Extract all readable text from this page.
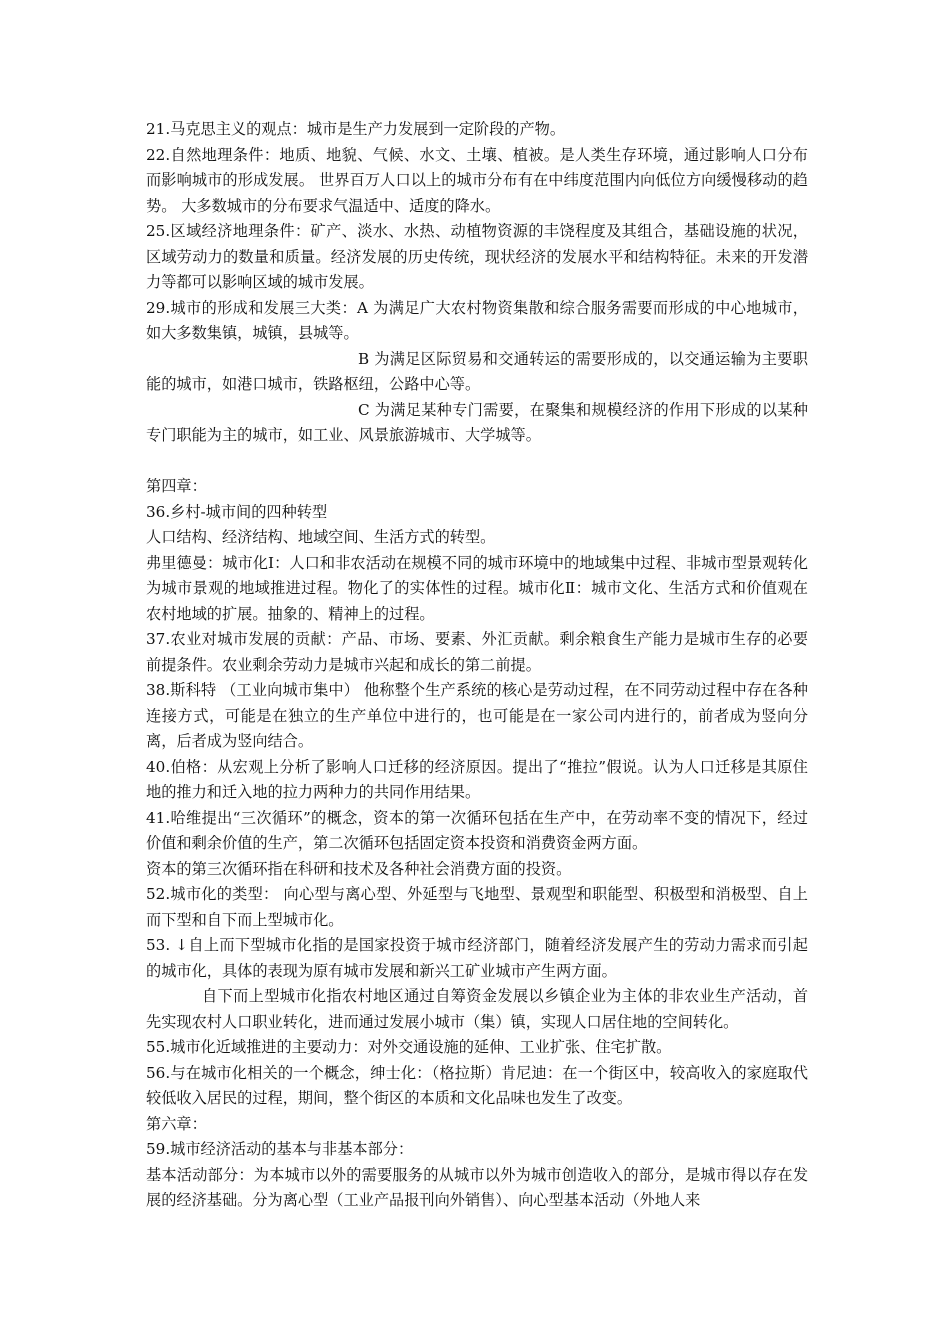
21.马克思主义的观点：城市是生产力发展到一定阶段的产物。

22.自然地理条件：地质、地貌、气候、水文、土壤、植被。是人类生存环境，通过影响人口分布而影响城市的形成发展。 世界百万人口以上的城市分布有在中纬度范围内向低位方向缓慢移动的趋势。 大多数城市的分布要求气温适中、适度的降水。

25.区域经济地理条件：矿产、淡水、水热、动植物资源的丰饶程度及其组合，基础设施的状况，区域劳动力的数量和质量。经济发展的历史传统，现状经济的发展水平和结构特征。未来的开发潜力等都可以影响区域的城市发展。

29.城市的形成和发展三大类：A 为满足广大农村物资集散和综合服务需要而形成的中心地城市，如大多数集镇，城镇，县城等。

B 为满足区际贸易和交通转运的需要形成的，以交通运输为主要职能的城市，如港口城市，铁路枢纽，公路中心等。

C 为满足某种专门需要，在聚集和规模经济的作用下形成的以某种专门职能为主的城市，如工业、风景旅游城市、大学城等。

第四章：

36.乡村-城市间的四种转型

人口结构、经济结构、地域空间、生活方式的转型。

弗里德曼：城市化Ⅰ：人口和非农活动在规模不同的城市环境中的地域集中过程、非城市型景观转化为城市景观的地域推进过程。物化了的实体性的过程。城市化Ⅱ：城市文化、生活方式和价值观在农村地域的扩展。抽象的、精神上的过程。

37.农业对城市发展的贡献：产品、市场、要素、外汇贡献。剩余粮食生产能力是城市生存的必要前提条件。农业剩余劳动力是城市兴起和成长的第二前提。

38.斯科特 （工业向城市集中） 他称整个生产系统的核心是劳动过程，在不同劳动过程中存在各种连接方式，可能是在独立的生产单位中进行的，也可能是在一家公司内进行的，前者成为竖向分离，后者成为竖向结合。

40.伯格：从宏观上分析了影响人口迁移的经济原因。提出了“推拉”假说。认为人口迁移是其原住地的推力和迁入地的拉力两种力的共同作用结果。

41.哈维提出“三次循环”的概念，资本的第一次循环包括在生产中，在劳动率不变的情况下，经过价值和剩余价值的生产，第二次循环包括固定资本投资和消费资金两方面。

资本的第三次循环指在科研和技术及各种社会消费方面的投资。

52.城市化的类型： 向心型与离心型、外延型与飞地型、景观型和职能型、积极型和消极型、自上而下型和自下而上型城市化。

53. ↓自上而下型城市化指的是国家投资于城市经济部门，随着经济发展产生的劳动力需求而引起的城市化，具体的表现为原有城市发展和新兴工矿业城市产生两方面。

自下而上型城市化指农村地区通过自筹资金发展以乡镇企业为主体的非农业生产活动，首先实现农村人口职业转化，进而通过发展小城市（集）镇，实现人口居住地的空间转化。

55.城市化近域推进的主要动力：对外交通设施的延伸、工业扩张、住宅扩散。

56.与在城市化相关的一个概念，绅士化：（格拉斯）肯尼迪：在一个街区中，较高收入的家庭取代较低收入居民的过程，期间，整个街区的本质和文化品味也发生了改变。

第六章：

59.城市经济活动的基本与非基本部分：

基本活动部分：为本城市以外的需要服务的从城市以外为城市创造收入的部分，是城市得以存在发展的经济基础。分为离心型（工业产品报刊向外销售）、向心型基本活动（外地人来
